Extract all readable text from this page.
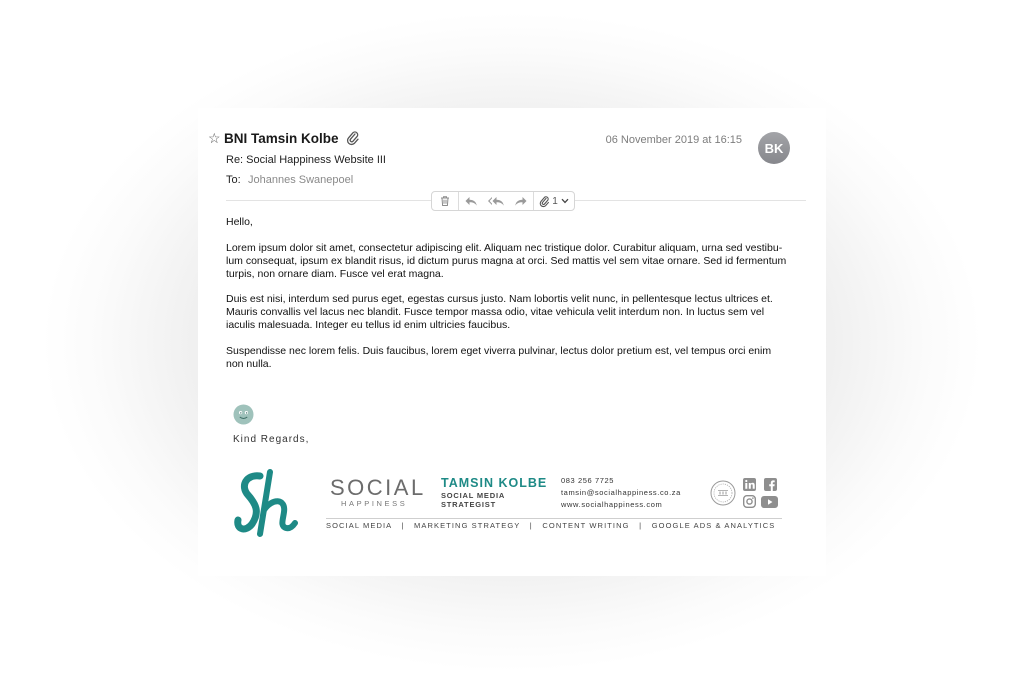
☆ BNI Tamsin Kolbe	06 November 2019 at 16:15
BK
Re: Social Happiness Website III
To: Johannes Swanepoel
1
Hello,
Lorem ipsum dolor sit amet, consectetur adipiscing elit. Aliquam nec tristique dolor. Curabitur aliquam, urna sed vestibu-
lum consequat, ipsum ex blandit risus, id dictum purus magna at orci. Sed mattis vel sem vitae ornare. Sed id fermentum
turpis, non ornare diam. Fusce vel erat magna.
Duis est nisi, interdum sed purus eget, egestas cursus justo. Nam lobortis velit nunc, in pellentesque lectus ultrices et.
Mauris convallis vel lacus nec blandit. Fusce tempor massa odio, vitae vehicula velit interdum non. In luctus sem vel
iaculis malesuada. Integer eu tellus id enim ultricies faucibus.
Suspendisse nec lorem felis. Duis faucibus, lorem eget viverra pulvinar, lectus dolor pretium est, vel tempus orci enim
non nulla.
Kind Regards,
SOCIAL
HAPPINESS
TAMSIN KOLBE
SOCIAL MEDIA
STRATEGIST
083 256 7725
tamsin@socialhappiness.co.za
www.socialhappiness.com
SOCIAL MEDIA   |   MARKETING STRATEGY   |   CONTENT WRITING   |   GOOGLE ADS & ANALYTICS
